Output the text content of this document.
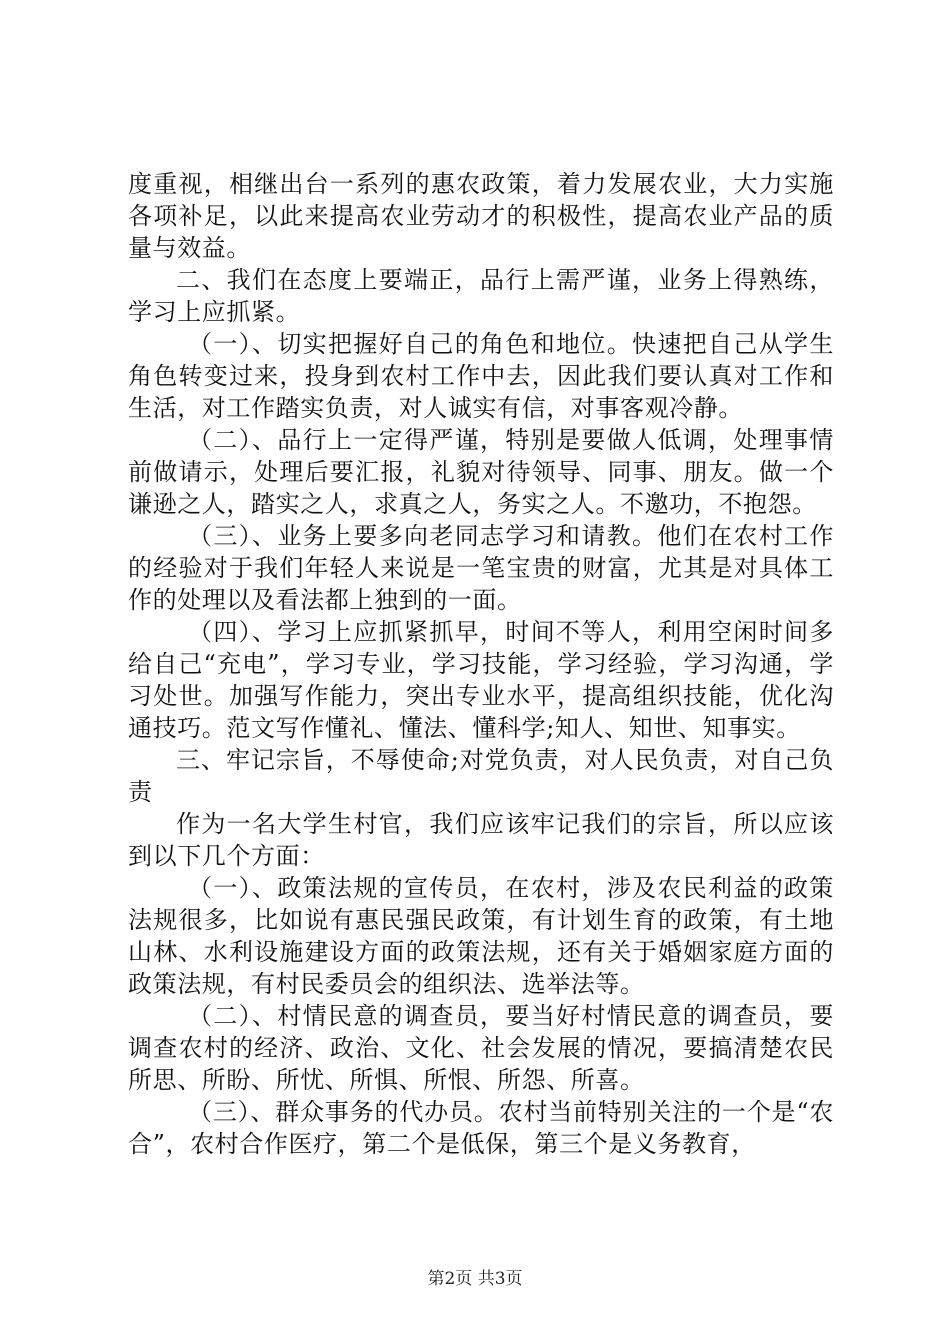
度重视，相继出台一系列的惠农政策，着力发展农业，大力实施各项补足，以此来提高农业劳动才的积极性，提高农业产品的质量与效益。

二、我们在态度上要端正，品行上需严谨，业务上得熟练，学习上应抓紧。

（一）、切实把握好自己的角色和地位。快速把自己从学生角色转变过来，投身到农村工作中去，因此我们要认真对工作和生活，对工作踏实负责，对人诚实有信，对事客观冷静。

（二）、品行上一定得严谨，特别是要做人低调，处理事情前做请示，处理后要汇报，礼貌对待领导、同事、朋友。做一个谦逊之人，踏实之人，求真之人，务实之人。不邀功，不抱怨。

（三）、业务上要多向老同志学习和请教。他们在农村工作的经验对于我们年轻人来说是一笔宝贵的财富，尤其是对具体工作的处理以及看法都上独到的一面。

（四）、学习上应抓紧抓早，时间不等人，利用空闲时间多给自己“充电”，学习专业，学习技能，学习经验，学习沟通，学习处世。加强写作能力，突出专业水平，提高组织技能，优化沟通技巧。范文写作懂礼、懂法、懂科学;知人、知世、知事实。

三、牢记宗旨，不辱使命;对党负责，对人民负责，对自己负责

作为一名大学生村官，我们应该牢记我们的宗旨，所以应该到以下几个方面：

（一）、政策法规的宣传员，在农村，涉及农民利益的政策法规很多，比如说有惠民强民政策，有计划生育的政策，有土地山林、水利设施建设方面的政策法规，还有关于婚姻家庭方面的政策法规，有村民委员会的组织法、选举法等。

（二）、村情民意的调查员，要当好村情民意的调查员，要调查农村的经济、政治、文化、社会发展的情况，要搞清楚农民所思、所盼、所忧、所惧、所恨、所怨、所喜。

（三）、群众事务的代办员。农村当前特别关注的一个是“农合”，农村合作医疗，第二个是低保，第三个是义务教育，

第2页 共3页
